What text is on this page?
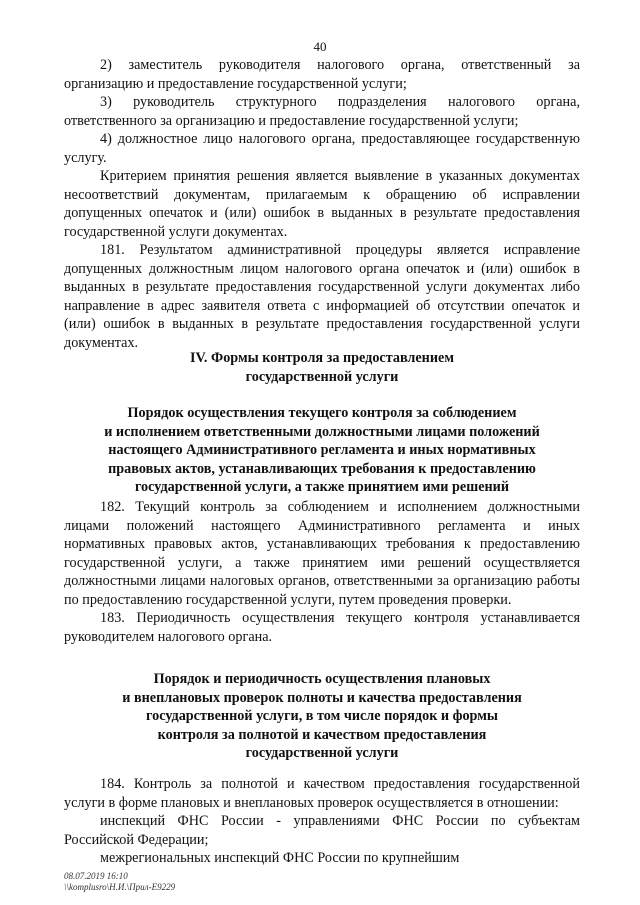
40

2) заместитель руководителя налогового органа, ответственный за организацию и предоставление государственной услуги;

3) руководитель структурного подразделения налогового органа, ответственного за организацию и предоставление государственной услуги;

4) должностное лицо налогового органа, предоставляющее государственную услугу.

Критерием принятия решения является выявление в указанных документах несоответствий документам, прилагаемым к обращению об исправлении допущенных опечаток и (или) ошибок в выданных в результате предоставления государственной услуги документах.

181. Результатом административной процедуры является исправление допущенных должностным лицом налогового органа опечаток и (или) ошибок в выданных в результате предоставления государственной услуги документах либо направление в адрес заявителя ответа с информацией об отсутствии опечаток и (или) ошибок в выданных в результате предоставления государственной услуги документах.

IV. Формы контроля за предоставлением
государственной услуги
Порядок осуществления текущего контроля за соблюдением
и исполнением ответственными должностными лицами положений
настоящего Административного регламента и иных нормативных
правовых актов, устанавливающих требования к предоставлению
государственной услуги, а также принятием ими решений

182. Текущий контроль за соблюдением и исполнением должностными лицами положений настоящего Административного регламента и иных нормативных правовых актов, устанавливающих требования к предоставлению государственной услуги, а также принятием ими решений осуществляется должностными лицами налоговых органов, ответственными за организацию работы по предоставлению государственной услуги, путем проведения проверки.

183. Периодичность осуществления текущего контроля устанавливается руководителем налогового органа.

Порядок и периодичность осуществления плановых
и внеплановых проверок полноты и качества предоставления
государственной услуги, в том числе порядок и формы
контроля за полнотой и качеством предоставления
государственной услуги

184. Контроль за полнотой и качеством предоставления государственной услуги в форме плановых и внеплановых проверок осуществляется в отношении:

инспекций ФНС России - управлениями ФНС России по субъектам Российской Федерации;

межрегиональных инспекций ФНС России по крупнейшим

08.07.2019 16:10
\\komplusro\Н.И.\Прил-Е9229
